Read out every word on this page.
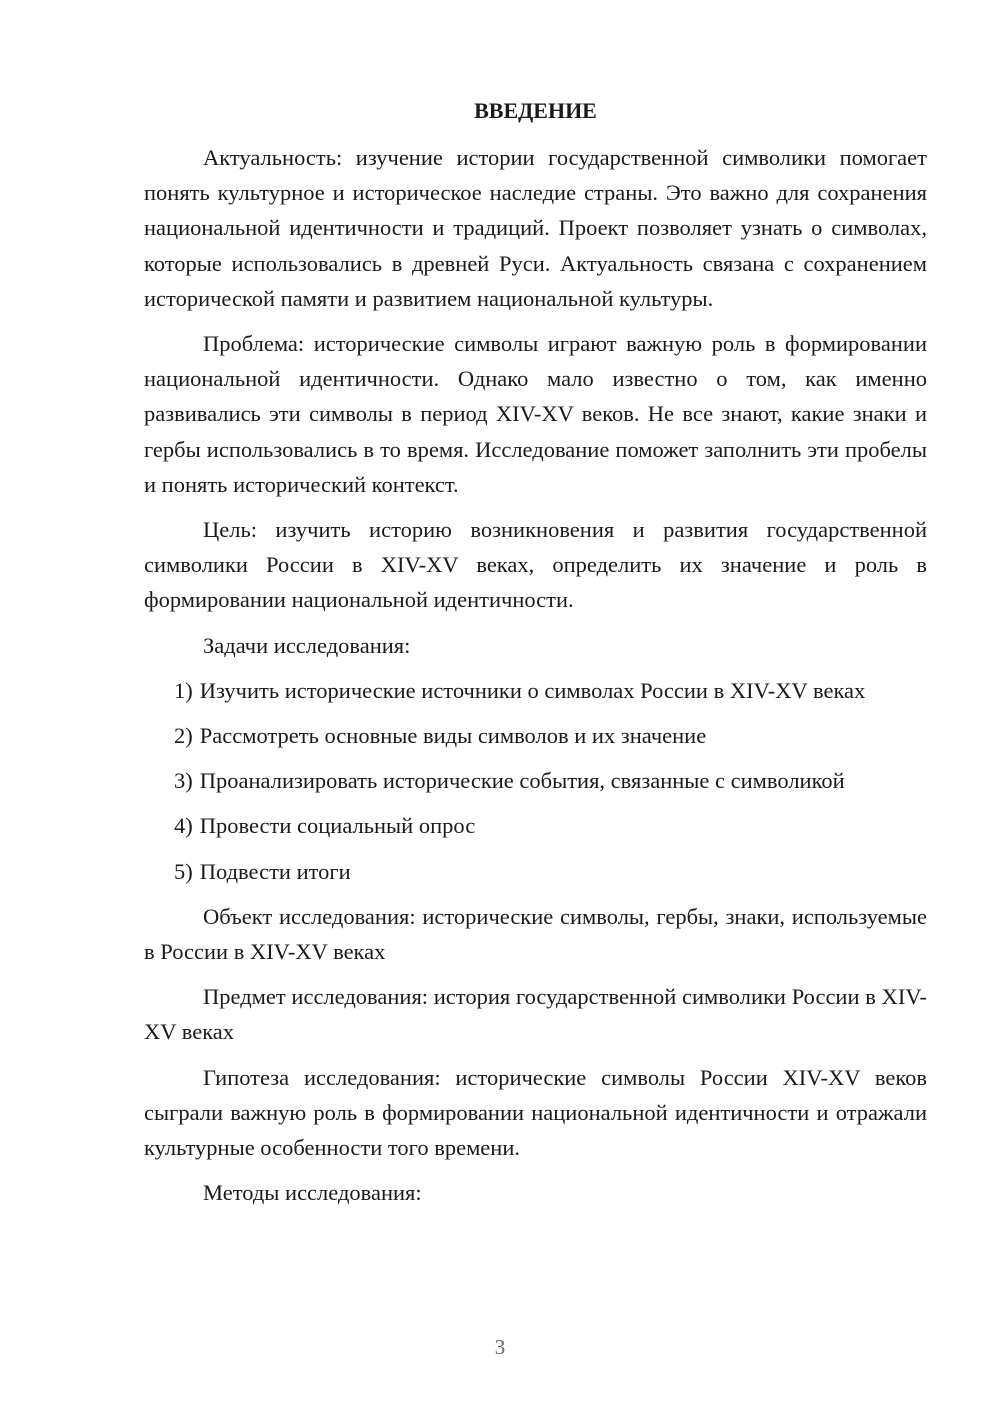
ВВЕДЕНИЕ

Актуальность: изучение истории государственной символики помогает понять культурное и историческое наследие страны. Это важно для сохранения национальной идентичности и традиций. Проект позволяет узнать о символах, которые использовались в древней Руси. Актуальность связана с сохранением исторической памяти и развитием национальной культуры.

Проблема: исторические символы играют важную роль в формировании национальной идентичности. Однако мало известно о том, как именно развивались эти символы в период XIV-XV веков. Не все знают, какие знаки и гербы использовались в то время. Исследование поможет заполнить эти пробелы и понять исторический контекст.

Цель: изучить историю возникновения и развития государственной символики России в XIV-XV веках, определить их значение и роль в формировании национальной идентичности.

Задачи исследования:

1) Изучить исторические источники о символах России в XIV-XV веках
2) Рассмотреть основные виды символов и их значение
3) Проанализировать исторические события, связанные с символикой
4) Провести социальный опрос
5) Подвести итоги

Объект исследования: исторические символы, гербы, знаки, используемые в России в XIV-XV веках

Предмет исследования: история государственной символики России в XIV-XV веках

Гипотеза исследования: исторические символы России XIV-XV веков сыграли важную роль в формировании национальной идентичности и отражали культурные особенности того времени.

Методы исследования:

3
